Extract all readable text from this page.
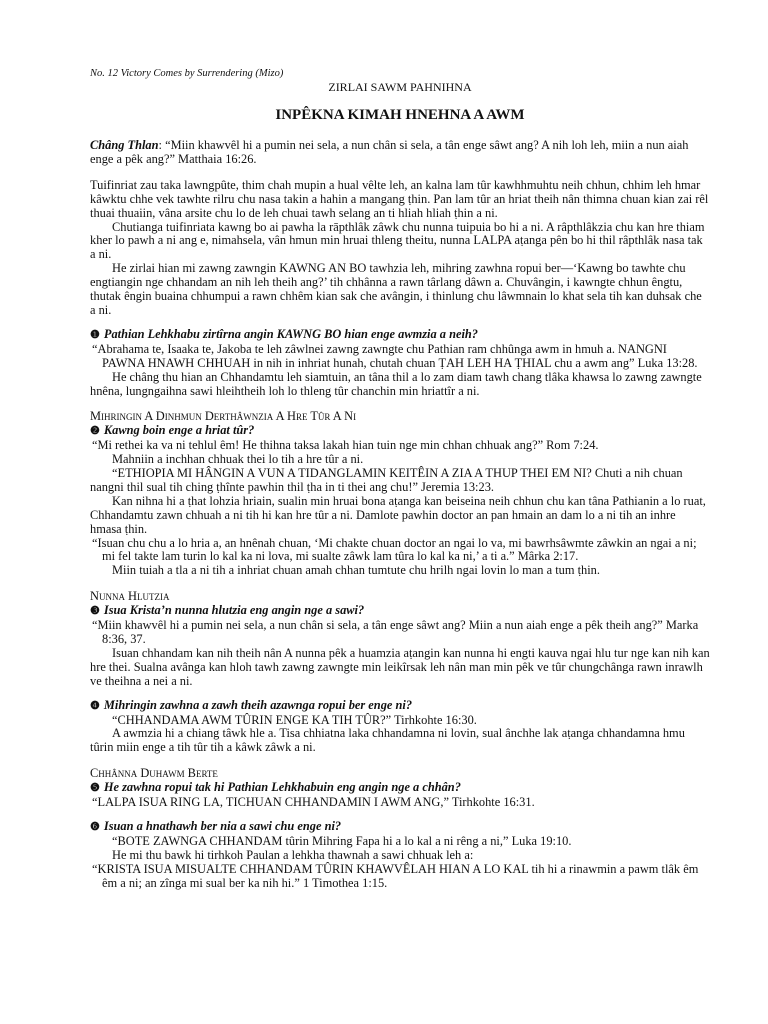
No. 12 Victory Comes by Surrendering (Mizo)

ZIRLAI SAWM PAHNIHNA

INPÊKNA KIMAH HNEHNA A AWM

Châng Thlan: “Miin khawvêl hi a pumin nei sela, a nun chân si sela, a tân enge sâwt ang? A nih loh leh, miin a nun aiah enge a pêk ang?” Matthaia 16:26.

Tuifinriat zau taka lawngpûte, thim chah mupin a hual vêlte leh, an kalna lam tûr kawhhmuhtu neih chhun, chhim leh hmar kâwktu chhe vek tawhte rilru chu nasa takin a hahin a mangang ṭhin. Pan lam tûr an hriat theih nân thimna chuan kian zai rêl thuai thuaiin, vâna arsite chu lo de leh chuai tawh selang an ti hliah hliah ṭhin a ni.

Chutianga tuifinriata kawng bo ai pawha la rāpthlâk zâwk chu nunna tuipuia bo hi a ni. A râpthlâkzia chu kan hre thiam kher lo pawh a ni ang e, nimahsela, vân hmun min hruai thleng theitu, nunna LALPA aṭanga pên bo hi thil râpthlâk nasa tak a ni.

He zirlai hian mi zawng zawngin KAWNG AN BO tawhzia leh, mihring zawhna ropui ber—‘Kawng bo tawhte chu engtiangin nge chhandam an nih leh theih ang?’ tih chhânna a rawn târlang dâwn a. Chuvângin, i kawngte chhun êngtu, thutak êngin buaina chhumpui a rawn chhêm kian sak che avângin, i thinlung chu lâwmnain lo khat sela tih kan duhsak che a ni.

❶ Pathian Lehkhabu zirtîrna angin KAWNG BO hian enge awmzia a neih?

“Abrahama te, Isaaka te, Jakoba te leh zâwlnei zawng zawngte chu Pathian ram chhûnga awm in hmuh a. NANGNI PAWNA HNAWH CHHUAH in nih in inhriat hunah, chutah chuan ṬAH LEH HA ṬHIAL chu a awm ang” Luka 13:28.

He châng thu hian an Chhandamtu leh siamtuin, an tâna thil a lo zam diam tawh chang tlâka khawsa lo zawng zawngte hnêna, lungngaihna sawi hleihtheih loh lo thleng tûr chanchin min hriattîr a ni.

Mihringin A Dinhmun Derthâwnzia A Hre Tûr A Ni

❷ Kawng boin enge a hriat tûr?

“Mi rethei ka va ni tehlul êm! He thihna taksa lakah hian tuin nge min chhan chhuak ang?” Rom 7:24.

Mahniin a inchhan chhuak thei lo tih a hre tûr a ni.

“ETHIOPIA MI HÂNGIN A VUN A TIDANGLAMIN KEITÊIN A ZIA A THUP THEI EM NI? Chuti a nih chuan nangni thil sual tih ching ṭhînte pawhin thil ṭha in ti thei ang chu!” Jeremia 13:23.

Kan nihna hi a ṭhat lohzia hriain, sualin min hruai bona aṭanga kan beiseina neih chhun chu kan tâna Pathianin a lo ruat, Chhandamtu zawn chhuah a ni tih hi kan hre tûr a ni. Damlote pawhin doctor an pan hmain an dam lo a ni tih an inhre hmasa ṭhin.

“Isuan chu chu a lo hria a, an hnênah chuan, ‘Mi chakte chuan doctor an ngai lo va, mi bawrhsâwmte zâwkin an ngai a ni; mi fel takte lam turin lo kal ka ni lova, mi sualte zâwk lam tûra lo kal ka ni,’ a ti a.” Mârka 2:17.

Miin tuiah a tla a ni tih a inhriat chuan amah chhan tumtute chu hrilh ngai lovin lo man a tum ṭhin.

Nunna Hlutzia

❸ Isua Krista’n nunna hlutzia eng angin nge a sawi?

“Miin khawvêl hi a pumin nei sela, a nun chân si sela, a tân enge sâwt ang? Miin a nun aiah enge a pêk theih ang?” Marka 8:36, 37.

Isuan chhandam kan nih theih nân A nunna pêk a huamzia aṭangin kan nunna hi engti kauva ngai hlu tur nge kan nih kan hre thei. Sualna avânga kan hloh tawh zawng zawngte min leikîrsak leh nân man min pêk ve tûr chungchânga rawn inrawlh ve theihna a nei a ni.

❹ Mihringin zawhna a zawh theih azawnga ropui ber enge ni?

“CHHANDAMA AWM TÛRIN ENGE KA TIH TÛR?” Tirhkohte 16:30.

A awmzia hi a chiang tâwk hle a. Tisa chhiatna laka chhandamna ni lovin, sual ânchhe lak aṭanga chhandamna hmu tûrin miin enge a tih tûr tih a kâwk zâwk a ni.

Chhânna Duhawm Berte

❺ He zawhna ropui tak hi Pathian Lehkhabuin eng angin nge a chhân?

“LALPA ISUA RING LA, TICHUAN CHHANDAMIN I AWM ANG,” Tirhkohte 16:31.

❻ Isuan a hnathawh ber nia a sawi chu enge ni?

“BOTE ZAWNGA CHHANDAM tûrin Mihring Fapa hi a lo kal a ni rêng a ni,” Luka 19:10.

He mi thu bawk hi tirhkoh Paulan a lehkha thawnah a sawi chhuak leh a:

“KRISTA ISUA MISUALTE CHHANDAM TÛRIN KHAWVÊLAH HIAN A LO KAL tih hi a rinawmin a pawm tlâk êm êm a ni; an zînga mi sual ber ka nih hi.” 1 Timothea 1:15.
